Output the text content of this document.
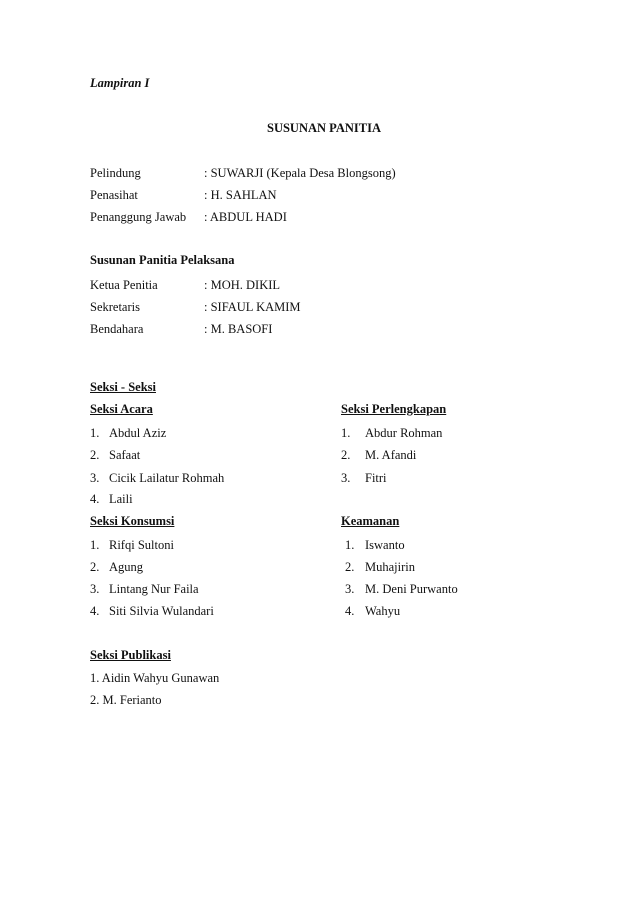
Lampiran I
SUSUNAN PANITIA
Pelindung	: SUWARJI (Kepala Desa Blongsong)
Penasihat	: H. SAHLAN
Penanggung Jawab : ABDUL HADI
Susunan Panitia Pelaksana
Ketua Penitia	: MOH. DIKIL
Sekretaris	: SIFAUL KAMIM
Bendahara	: M. BASOFI
Seksi - Seksi
Seksi Acara
1. Abdul Aziz
2. Safaat
3. Cicik Lailatur Rohmah
4. Laili
Seksi Perlengkapan
1. Abdur Rohman
2. M. Afandi
3. Fitri
Seksi Konsumsi
1. Rifqi Sultoni
2. Agung
3. Lintang Nur Faila
4. Siti Silvia Wulandari
Keamanan
1. Iswanto
2. Muhajirin
3. M. Deni Purwanto
4. Wahyu
Seksi Publikasi
1. Aidin Wahyu Gunawan
2. M. Ferianto
